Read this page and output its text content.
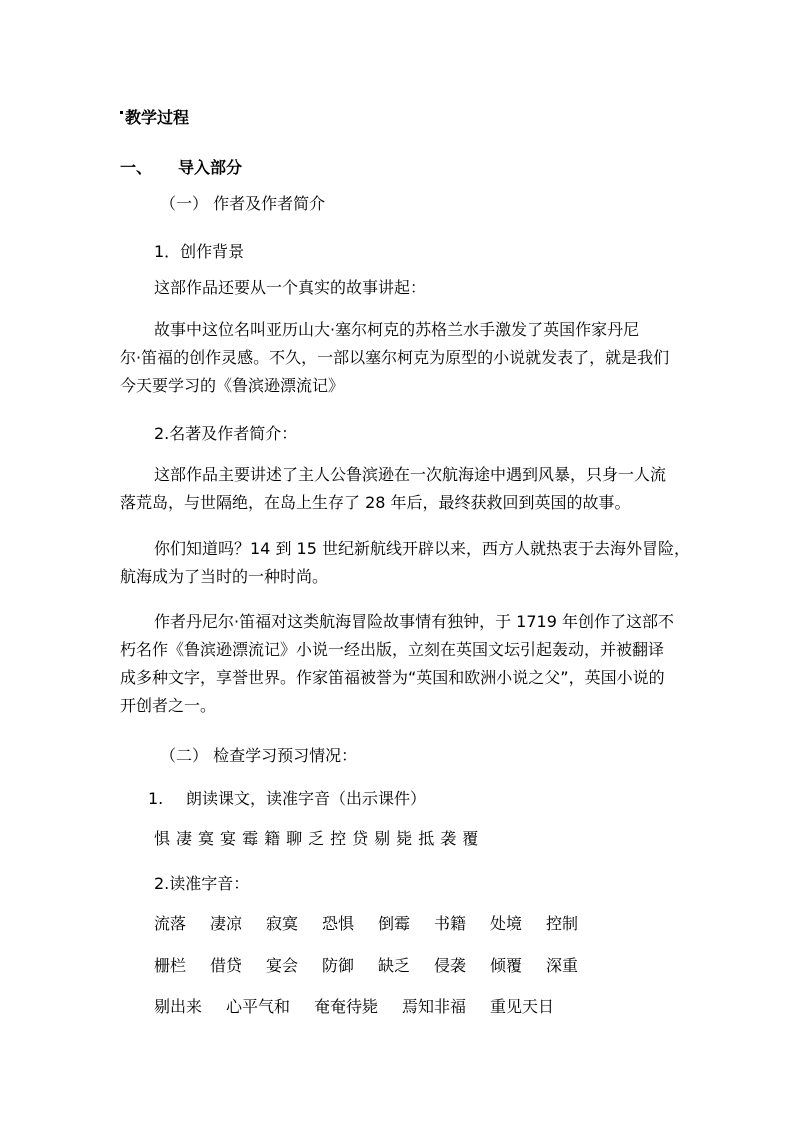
教学过程
一、 导入部分
（一） 作者及作者简介
1．创作背景
这部作品还要从一个真实的故事讲起：
故事中这位名叫亚历山大·塞尔柯克的苏格兰水手激发了英国作家丹尼
尔·笛福的创作灵感。不久，一部以塞尔柯克为原型的小说就发表了，就是我们
今天要学习的《鲁滨逊漂流记》
2.名著及作者简介：
这部作品主要讲述了主人公鲁滨逊在一次航海途中遇到风暴，只身一人流
落荒岛，与世隔绝，在岛上生存了 28 年后，最终获救回到英国的故事。
你们知道吗？14 到 15 世纪新航线开辟以来，西方人就热衷于去海外冒险，
航海成为了当时的一种时尚。
作者丹尼尔·笛福对这类航海冒险故事情有独钟，于 1719 年创作了这部不
朽名作《鲁滨逊漂流记》小说一经出版，立刻在英国文坛引起轰动，并被翻译
成多种文字，享誉世界。作家笛福被誉为“英国和欧洲小说之父”，英国小说的
开创者之一。
（二） 检查学习预习情况：
1. 朗读课文，读准字音（出示课件）
惧 凄 寞 宴 霉 籍 聊 乏 控 贷 剔 毙 抵 袭 覆
2.读准字音：
流落 凄凉 寂寞 恐惧 倒霉 书籍 处境 控制
栅栏 借贷 宴会 防御 缺乏 侵袭 倾覆 深重
剔出来 心平气和 奄奄待毙 焉知非福 重见天日
